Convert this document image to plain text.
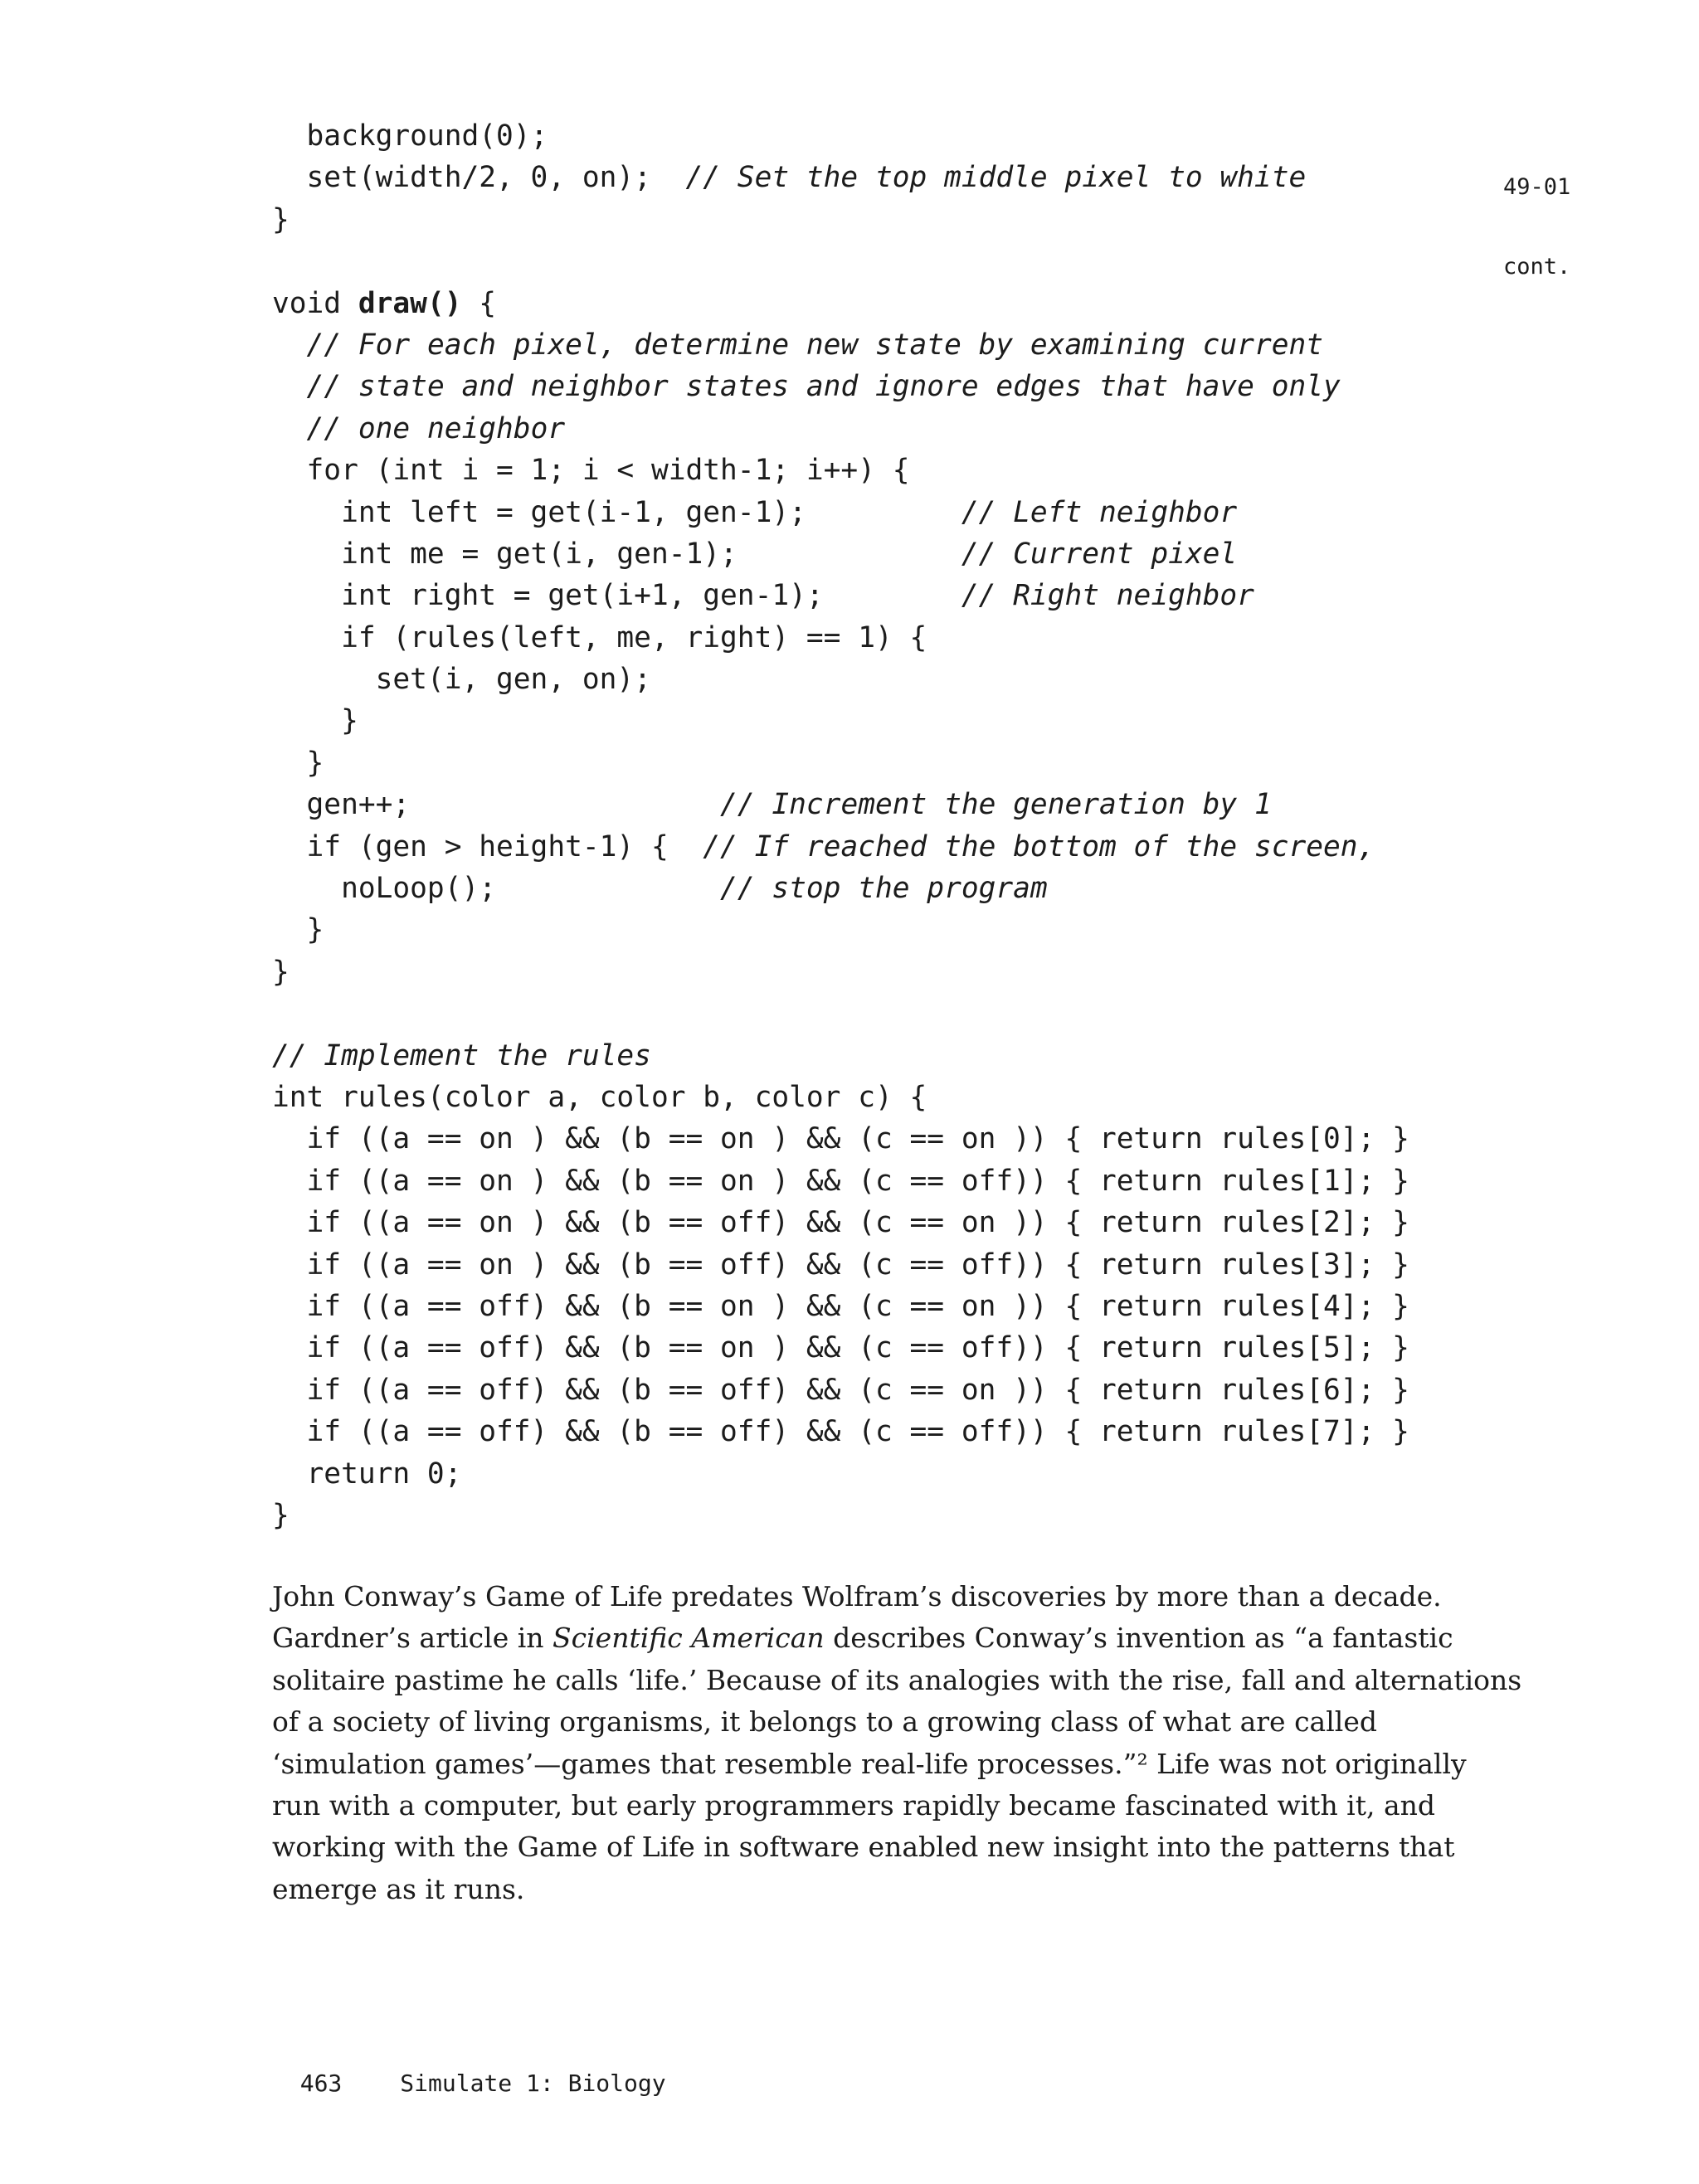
49-01

cont.

background(0);
set(width/2, 0, on);  // Set the top middle pixel to white
}
void draw() {
// For each pixel, determine new state by examining current
// state and neighbor states and ignore edges that have only
// one neighbor
for (int i = 1; i < width-1; i++) {
int left = get(i-1, gen-1);         // Left neighbor
int me = get(i, gen-1);             // Current pixel
int right = get(i+1, gen-1);        // Right neighbor
if (rules(left, me, right) == 1) {
set(i, gen, on);
}
}
gen++;                  // Increment the generation by 1
if (gen > height-1) {  // If reached the bottom of the screen,
noLoop();             // stop the program
}
}
// Implement the rules
int rules(color a, color b, color c) {
if ((a == on ) && (b == on ) && (c == on )) { return rules[0]; }
if ((a == on ) && (b == on ) && (c == off)) { return rules[1]; }
if ((a == on ) && (b == off) && (c == on )) { return rules[2]; }
if ((a == on ) && (b == off) && (c == off)) { return rules[3]; }
if ((a == off) && (b == on ) && (c == on )) { return rules[4]; }
if ((a == off) && (b == on ) && (c == off)) { return rules[5]; }
if ((a == off) && (b == off) && (c == on )) { return rules[6]; }
if ((a == off) && (b == off) && (c == off)) { return rules[7]; }
return 0;
}

John Conway’s Game of Life predates Wolfram’s discoveries by more than a decade.
Gardner’s article in Scientific American describes Conway’s invention as “a fantastic
solitaire pastime he calls ‘life.’ Because of its analogies with the rise, fall and alternations
of a society of living organisms, it belongs to a growing class of what are called
‘simulation games’—games that resemble real-life processes.”² Life was not originally
run with a computer, but early programmers rapidly became fascinated with it, and
working with the Game of Life in software enabled new insight into the patterns that
emerge as it runs.

463	Simulate 1: Biology
